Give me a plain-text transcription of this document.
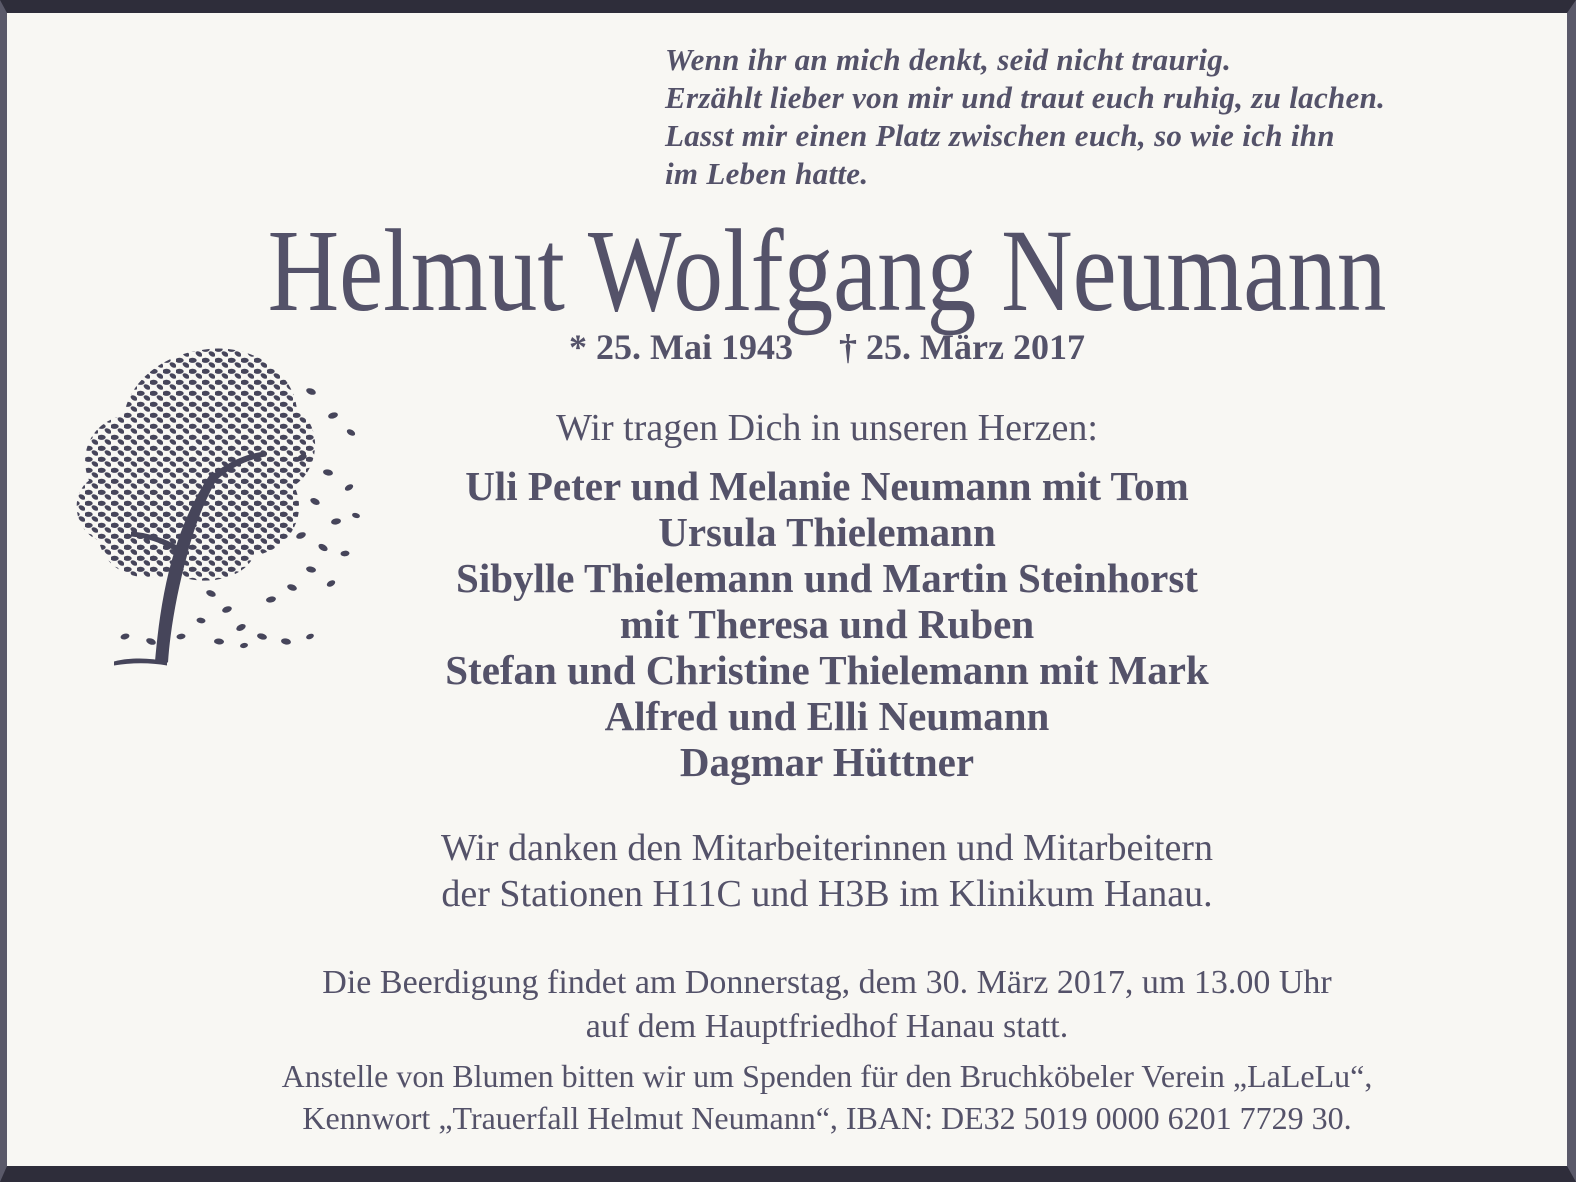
Wenn ihr an mich denkt, seid nicht traurig.
Erzählt lieber von mir und traut euch ruhig, zu lachen.
Lasst mir einen Platz zwischen euch, so wie ich ihn
im Leben hatte.
Helmut Wolfgang Neumann
* 25. Mai 1943 † 25. März 2017
Wir tragen Dich in unseren Herzen:
Uli Peter und Melanie Neumann mit Tom
Ursula Thielemann
Sibylle Thielemann und Martin Steinhorst
mit Theresa und Ruben
Stefan und Christine Thielemann mit Mark
Alfred und Elli Neumann
Dagmar Hüttner
Wir danken den Mitarbeiterinnen und Mitarbeitern
der Stationen H11C und H3B im Klinikum Hanau.
Die Beerdigung findet am Donnerstag, dem 30. März 2017, um 13.00 Uhr
auf dem Hauptfriedhof Hanau statt.
Anstelle von Blumen bitten wir um Spenden für den Bruchköbeler Verein „LaLeLu“,
Kennwort „Trauerfall Helmut Neumann“, IBAN: DE32 5019 0000 6201 7729 30.
